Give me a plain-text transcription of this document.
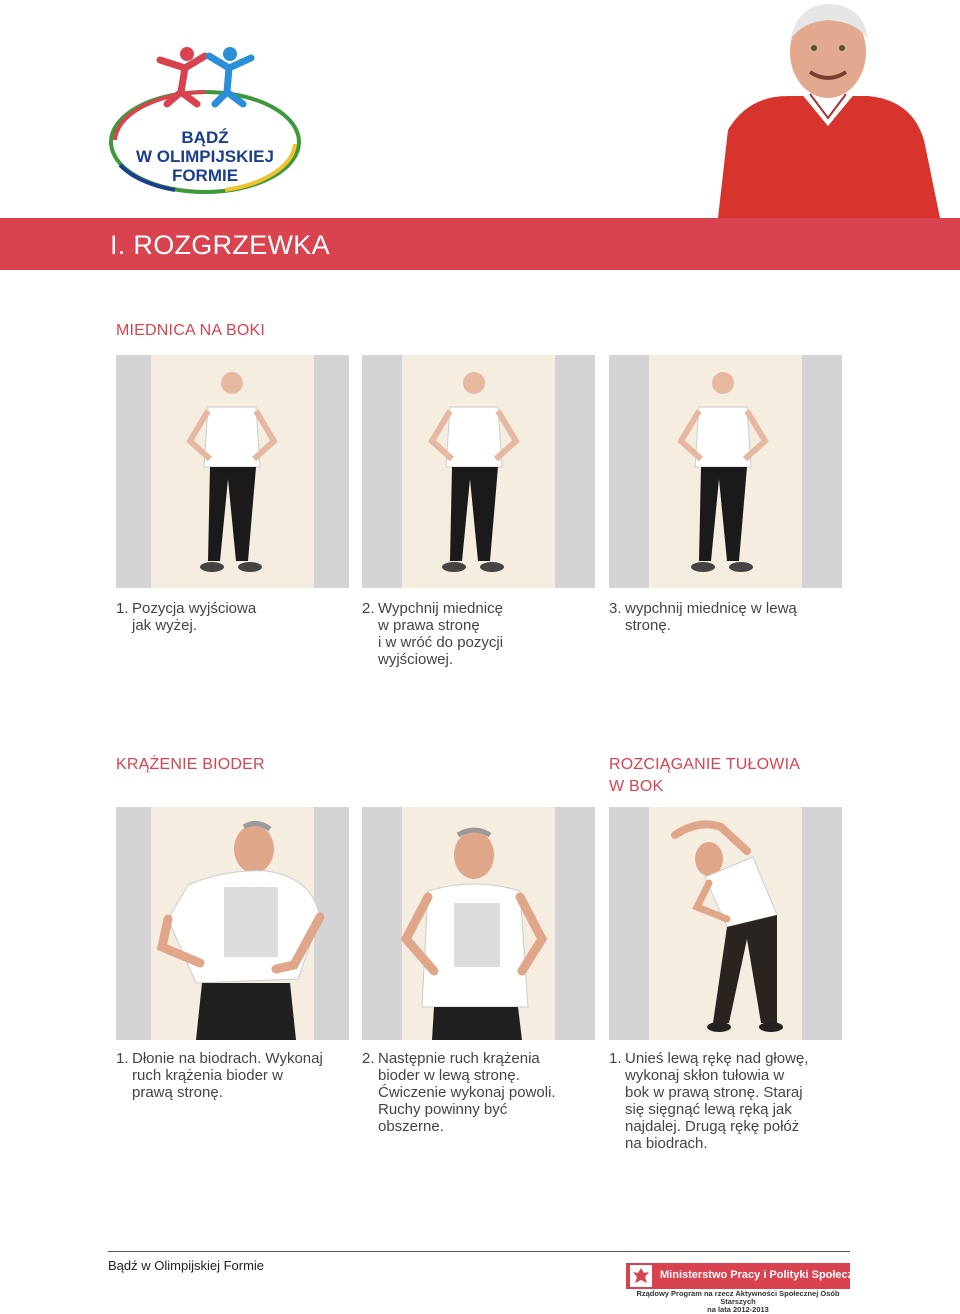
BĄDŹ
W OLIMPIJSKIEJ
FORMIE
I. ROZGRZEWKA
MIEDNICA NA BOKI
1. Pozycja wyjściowa
jak wyżej.
2. Wypchnij miednicę
w prawa stronę
i w wróć do pozycji
wyjściowej.
3. wypchnij miednicę w lewą
stronę.
KRĄŻENIE BIODER	ROZCIĄGANIE TUŁOWIA
W BOK
1. Dłonie na biodrach. Wykonaj
ruch krążenia bioder w
prawą stronę.
2. Następnie ruch krążenia
bioder w lewą stronę.
Ćwiczenie wykonaj powoli.
Ruchy powinny być
obszerne.
1. Unieś lewą rękę nad głowę,
wykonaj skłon tułowia w
bok w prawą stronę. Staraj
się sięgnąć lewą ręką jak
najdalej. Drugą rękę połóż
na biodrach.
Bądź w Olimpijskiej Formie
Ministerstwo Pracy i Polityki Społecznej
Rządowy Program na rzecz Aktywności Społecznej Osób Starszych
na lata 2012-2013
